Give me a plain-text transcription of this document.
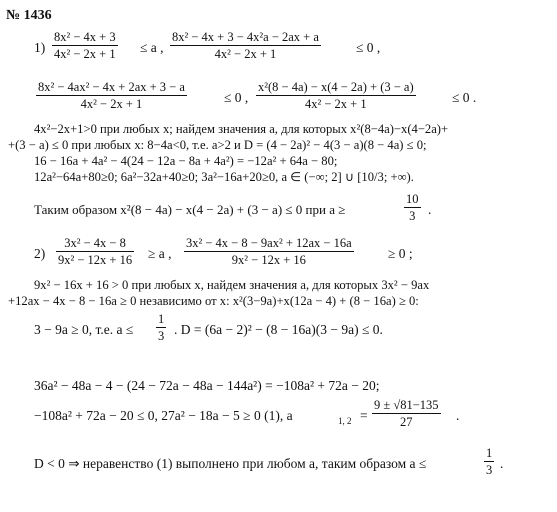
№ 1436
$1) \frac{\text{8x² − 4x + 3}}{\text{4x² − 2x + 1}} \le a$ , $\frac{\text{8x² − 4x + 3 − 4x²a − 2ax + a}}{\text{4x² − 2x + 1}}$	≤ 0 ,
$\frac{\text{8x² − 4ax² − 4x + 2ax + 3 − a}}{\text{4x² − 2x + 1}}$	≤ 0 , $\frac{\text{x²(8 − 4a) − x(4 − 2a) + (3 − a)}}{\text{4x² − 2x + 1}}$	≤ 0 .
4x²−2x+1>0 при любых x; найдем значения a, для которых x²(8−4a)−x(4−2a)+
+(3 − a) ≤ 0 при любых x: 8−4a<0, т.е. a>2 и D = (4 − 2a)² − 4(3 − a)(8 − 4a) ≤ 0;
16 − 16a + 4a² − 4(24 − 12a − 8a + 4a²) = −12a² + 64a − 80;
12a²−64a+80≥0; 6a²−32a+40≥0; 3a²−16a+20≥0, a ∈ (−∞; 2] ∪ [10/3; +∞).
Таким образом x²(8 − 4a) − x(4 − 2a) + (3 − a) ≤ 0 при a ≥	$\frac{10}{3}$ .
$2) \frac{\text{3x² − 4x − 8}}{\text{9x² − 12x + 16}} \ge a$ , $\frac{\text{3x² − 4x − 8 − 9ax² + 12ax − 16a}}{\text{9x² − 12x + 16}}$	≥ 0 ;
9x² − 16x + 16 > 0 при любых x, найдем значения a, для которых 3x² − 9ax
+12ax − 4x − 8 − 16a ≥ 0 независимо от x: x²(3−9a)+x(12a − 4) + (8 − 16a) ≥ 0:
3 − 9a ≥ 0, т.е. $a \le \frac{1}{3}$ . D = (6a − 2)² − (8 − 16a)(3 − 9a) ≤ 0.
36a² − 48a − 4 − (24 − 72a − 48a − 144a²) = −108a² + 72a − 20;
−108a² + 72a − 20 ≤ 0, 27a² − 18a − 5 ≥ 0 (1), a	1, $2 = \frac{9 \pm √81-135}{27}$ .
D < 0 ⇒ неравенство (1) выполнено при любом a, таким образом a ≤	$\frac{1}{3}$ .
